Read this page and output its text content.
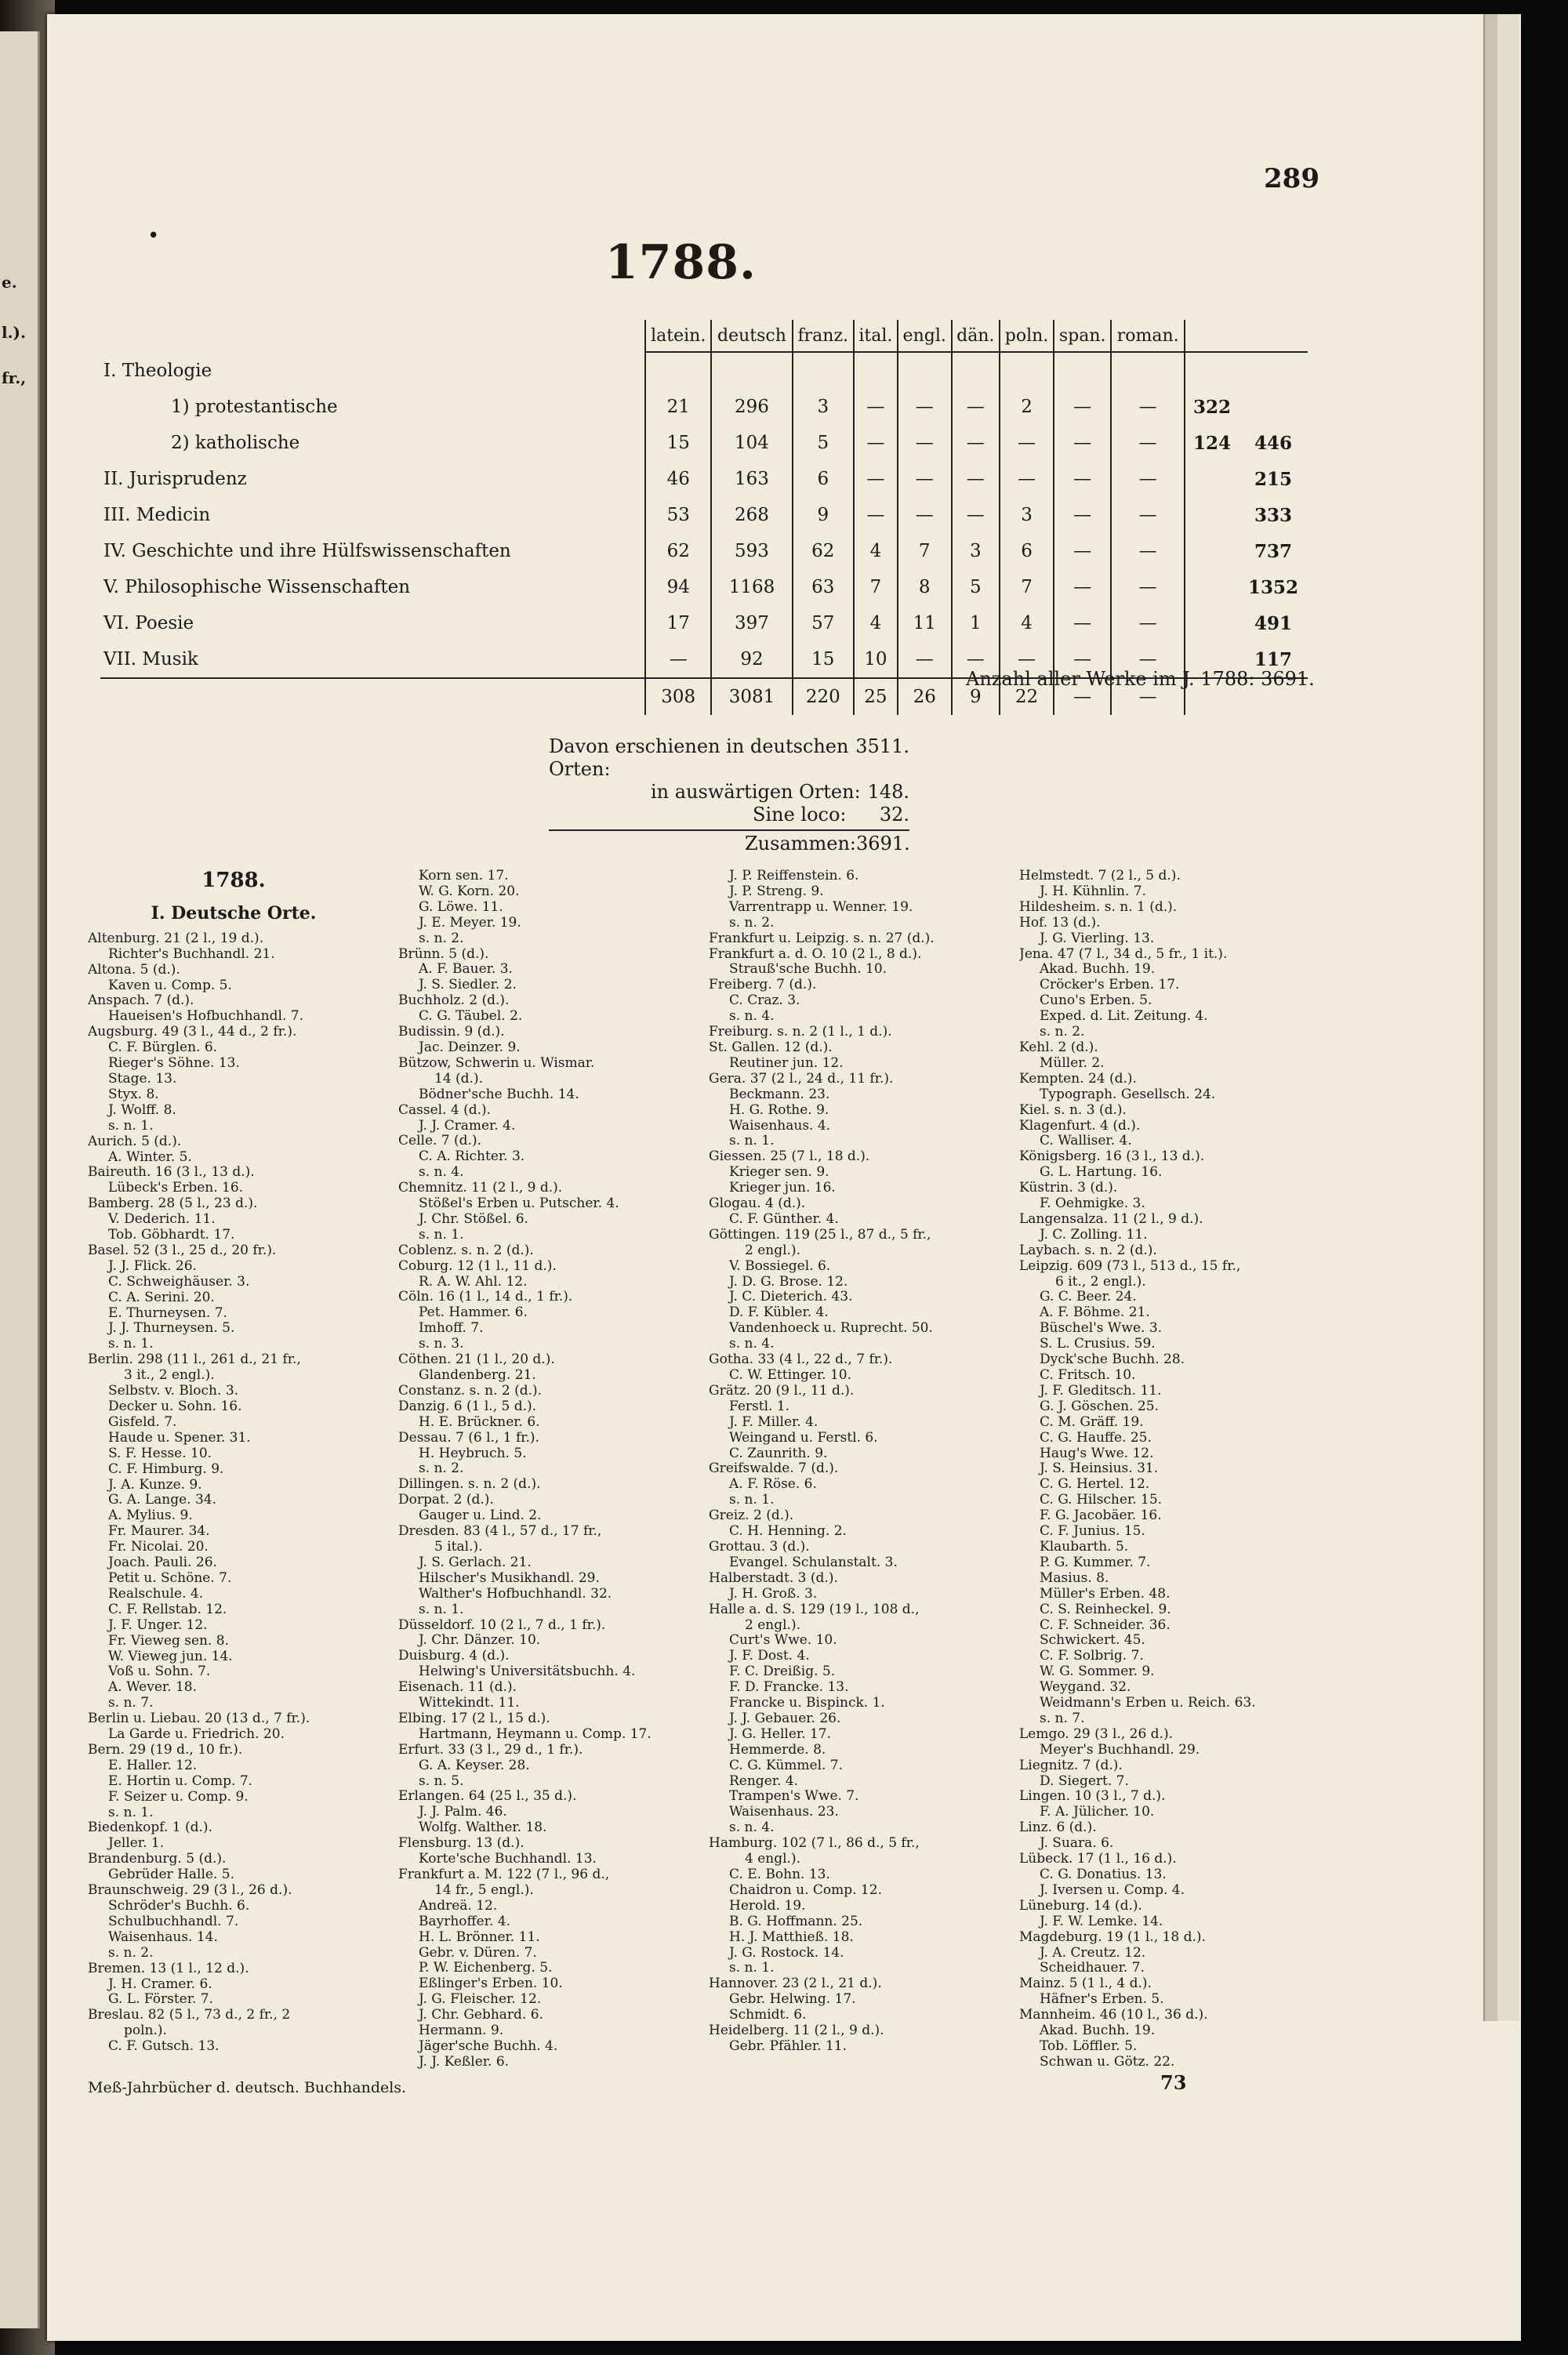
e.
l.).
fr.,
289
•	1788.
	latein.	deutsch	franz.	ital.	engl.	dän.	poln.	span.	roman.		
I. Theologie											
1) protestantische	21	296	3	—	—	—	2	—	—	322	
2) katholische	15	104	5	—	—	—	—	—	—	124	446
II. Jurisprudenz	46	163	6	—	—	—	—	—	—		215
III. Medicin	53	268	9	—	—	—	3	—	—		333
IV. Geschichte und ihre Hülfswissenschaften	62	593	62	4	7	3	6	—	—		737
V. Philosophische Wissenschaften	94	1168	63	7	8	5	7	—	—		1352
VI. Poesie	17	397	57	4	11	1	4	—	—		491
VII. Musik	—	92	15	10	—	—	—	—	—		117
	308	3081	220	25	26	9	22	—	—		
Anzahl aller Werke im J. 1788: 3691.
Davon erschienen in deutschen Orten:
3511.
in auswärtigen Orten: 148.
Sine loco: 32.
Zusammen: 3691.
1788.
I. Deutsche Orte.
Altenburg. 21 (2 l., 19 d.).
Richter's Buchhandl. 21.
Altona. 5 (d.).
Kaven u. Comp. 5.
Anspach. 7 (d.).
Haueisen's Hofbuchhandl. 7.
Augsburg. 49 (3 l., 44 d., 2 fr.).
C. F. Bürglen. 6.
Rieger's Söhne. 13.
Stage. 13.
Styx. 8.
J. Wolff. 8.
s. n. 1.
Aurich. 5 (d.).
A. Winter. 5.
Baireuth. 16 (3 l., 13 d.).
Lübeck's Erben. 16.
Bamberg. 28 (5 l., 23 d.).
V. Dederich. 11.
Tob. Göbhardt. 17.
Basel. 52 (3 l., 25 d., 20 fr.).
J. J. Flick. 26.
C. Schweighäuser. 3.
C. A. Serini. 20.
E. Thurneysen. 7.
J. J. Thurneysen. 5.
s. n. 1.
Berlin. 298 (11 l., 261 d., 21 fr.,
3 it., 2 engl.).
Selbstv. v. Bloch. 3.
Decker u. Sohn. 16.
Gisfeld. 7.
Haude u. Spener. 31.
S. F. Hesse. 10.
C. F. Himburg. 9.
J. A. Kunze. 9.
G. A. Lange. 34.
A. Mylius. 9.
Fr. Maurer. 34.
Fr. Nicolai. 20.
Joach. Pauli. 26.
Petit u. Schöne. 7.
Realschule. 4.
C. F. Rellstab. 12.
J. F. Unger. 12.
Fr. Vieweg sen. 8.
W. Vieweg jun. 14.
Voß u. Sohn. 7.
A. Wever. 18.
s. n. 7.
Berlin u. Liebau. 20 (13 d., 7 fr.).
La Garde u. Friedrich. 20.
Bern. 29 (19 d., 10 fr.).
E. Haller. 12.
E. Hortin u. Comp. 7.
F. Seizer u. Comp. 9.
s. n. 1.
Biedenkopf. 1 (d.).
Jeller. 1.
Brandenburg. 5 (d.).
Gebrüder Halle. 5.
Braunschweig. 29 (3 l., 26 d.).
Schröder's Buchh. 6.
Schulbuchhandl. 7.
Waisenhaus. 14.
s. n. 2.
Bremen. 13 (1 l., 12 d.).
J. H. Cramer. 6.
G. L. Förster. 7.
Breslau. 82 (5 l., 73 d., 2 fr., 2
poln.).
C. F. Gutsch. 13.
Korn sen. 17.
W. G. Korn. 20.
G. Löwe. 11.
J. E. Meyer. 19.
s. n. 2.
Brünn. 5 (d.).
A. F. Bauer. 3.
J. S. Siedler. 2.
Buchholz. 2 (d.).
C. G. Täubel. 2.
Budissin. 9 (d.).
Jac. Deinzer. 9.
Bützow, Schwerin u. Wismar.
14 (d.).
Bödner'sche Buchh. 14.
Cassel. 4 (d.).
J. J. Cramer. 4.
Celle. 7 (d.).
C. A. Richter. 3.
s. n. 4.
Chemnitz. 11 (2 l., 9 d.).
Stößel's Erben u. Putscher. 4.
J. Chr. Stößel. 6.
s. n. 1.
Coblenz. s. n. 2 (d.).
Coburg. 12 (1 l., 11 d.).
R. A. W. Ahl. 12.
Cöln. 16 (1 l., 14 d., 1 fr.).
Pet. Hammer. 6.
Imhoff. 7.
s. n. 3.
Cöthen. 21 (1 l., 20 d.).
Glandenberg. 21.
Constanz. s. n. 2 (d.).
Danzig. 6 (1 l., 5 d.).
H. E. Brückner. 6.
Dessau. 7 (6 l., 1 fr.).
H. Heybruch. 5.
s. n. 2.
Dillingen. s. n. 2 (d.).
Dorpat. 2 (d.).
Gauger u. Lind. 2.
Dresden. 83 (4 l., 57 d., 17 fr.,
5 ital.).
J. S. Gerlach. 21.
Hilscher's Musikhandl. 29.
Walther's Hofbuchhandl. 32.
s. n. 1.
Düsseldorf. 10 (2 l., 7 d., 1 fr.).
J. Chr. Dänzer. 10.
Duisburg. 4 (d.).
Helwing's Universitätsbuchh. 4.
Eisenach. 11 (d.).
Wittekindt. 11.
Elbing. 17 (2 l., 15 d.).
Hartmann, Heymann u. Comp. 17.
Erfurt. 33 (3 l., 29 d., 1 fr.).
G. A. Keyser. 28.
s. n. 5.
Erlangen. 64 (25 l., 35 d.).
J. J. Palm. 46.
Wolfg. Walther. 18.
Flensburg. 13 (d.).
Korte'sche Buchhandl. 13.
Frankfurt a. M. 122 (7 l., 96 d.,
14 fr., 5 engl.).
Andreä. 12.
Bayrhoffer. 4.
H. L. Brönner. 11.
Gebr. v. Düren. 7.
P. W. Eichenberg. 5.
Eßlinger's Erben. 10.
J. G. Fleischer. 12.
J. Chr. Gebhard. 6.
Hermann. 9.
Jäger'sche Buchh. 4.
J. J. Keßler. 6.
J. P. Reiffenstein. 6.
J. P. Streng. 9.
Varrentrapp u. Wenner. 19.
s. n. 2.
Frankfurt u. Leipzig. s. n. 27 (d.).
Frankfurt a. d. O. 10 (2 l., 8 d.).
Strauß'sche Buchh. 10.
Freiberg. 7 (d.).
C. Craz. 3.
s. n. 4.
Freiburg. s. n. 2 (1 l., 1 d.).
St. Gallen. 12 (d.).
Reutiner jun. 12.
Gera. 37 (2 l., 24 d., 11 fr.).
Beckmann. 23.
H. G. Rothe. 9.
Waisenhaus. 4.
s. n. 1.
Giessen. 25 (7 l., 18 d.).
Krieger sen. 9.
Krieger jun. 16.
Glogau. 4 (d.).
C. F. Günther. 4.
Göttingen. 119 (25 l., 87 d., 5 fr.,
2 engl.).
V. Bossiegel. 6.
J. D. G. Brose. 12.
J. C. Dieterich. 43.
D. F. Kübler. 4.
Vandenhoeck u. Ruprecht. 50.
s. n. 4.
Gotha. 33 (4 l., 22 d., 7 fr.).
C. W. Ettinger. 10.
Grätz. 20 (9 l., 11 d.).
Ferstl. 1.
J. F. Miller. 4.
Weingand u. Ferstl. 6.
C. Zaunrith. 9.
Greifswalde. 7 (d.).
A. F. Röse. 6.
s. n. 1.
Greiz. 2 (d.).
C. H. Henning. 2.
Grottau. 3 (d.).
Evangel. Schulanstalt. 3.
Halberstadt. 3 (d.).
J. H. Groß. 3.
Halle a. d. S. 129 (19 l., 108 d.,
2 engl.).
Curt's Wwe. 10.
J. F. Dost. 4.
F. C. Dreißig. 5.
F. D. Francke. 13.
Francke u. Bispinck. 1.
J. J. Gebauer. 26.
J. G. Heller. 17.
Hemmerde. 8.
C. G. Kümmel. 7.
Renger. 4.
Trampen's Wwe. 7.
Waisenhaus. 23.
s. n. 4.
Hamburg. 102 (7 l., 86 d., 5 fr.,
4 engl.).
C. E. Bohn. 13.
Chaidron u. Comp. 12.
Herold. 19.
B. G. Hoffmann. 25.
H. J. Matthieß. 18.
J. G. Rostock. 14.
s. n. 1.
Hannover. 23 (2 l., 21 d.).
Gebr. Helwing. 17.
Schmidt. 6.
Heidelberg. 11 (2 l., 9 d.).
Gebr. Pfähler. 11.
Helmstedt. 7 (2 l., 5 d.).
J. H. Kühnlin. 7.
Hildesheim. s. n. 1 (d.).
Hof. 13 (d.).
J. G. Vierling. 13.
Jena. 47 (7 l., 34 d., 5 fr., 1 it.).
Akad. Buchh. 19.
Cröcker's Erben. 17.
Cuno's Erben. 5.
Exped. d. Lit. Zeitung. 4.
s. n. 2.
Kehl. 2 (d.).
Müller. 2.
Kempten. 24 (d.).
Typograph. Gesellsch. 24.
Kiel. s. n. 3 (d.).
Klagenfurt. 4 (d.).
C. Walliser. 4.
Königsberg. 16 (3 l., 13 d.).
G. L. Hartung. 16.
Küstrin. 3 (d.).
F. Oehmigke. 3.
Langensalza. 11 (2 l., 9 d.).
J. C. Zolling. 11.
Laybach. s. n. 2 (d.).
Leipzig. 609 (73 l., 513 d., 15 fr.,
6 it., 2 engl.).
G. C. Beer. 24.
A. F. Böhme. 21.
Büschel's Wwe. 3.
S. L. Crusius. 59.
Dyck'sche Buchh. 28.
C. Fritsch. 10.
J. F. Gleditsch. 11.
G. J. Göschen. 25.
C. M. Gräff. 19.
C. G. Hauffe. 25.
Haug's Wwe. 12.
J. S. Heinsius. 31.
C. G. Hertel. 12.
C. G. Hilscher. 15.
F. G. Jacobäer. 16.
C. F. Junius. 15.
Klaubarth. 5.
P. G. Kummer. 7.
Masius. 8.
Müller's Erben. 48.
C. S. Reinheckel. 9.
C. F. Schneider. 36.
Schwickert. 45.
C. F. Solbrig. 7.
W. G. Sommer. 9.
Weygand. 32.
Weidmann's Erben u. Reich. 63.
s. n. 7.
Lemgo. 29 (3 l., 26 d.).
Meyer's Buchhandl. 29.
Liegnitz. 7 (d.).
D. Siegert. 7.
Lingen. 10 (3 l., 7 d.).
F. A. Jülicher. 10.
Linz. 6 (d.).
J. Suara. 6.
Lübeck. 17 (1 l., 16 d.).
C. G. Donatius. 13.
J. Iversen u. Comp. 4.
Lüneburg. 14 (d.).
J. F. W. Lemke. 14.
Magdeburg. 19 (1 l., 18 d.).
J. A. Creutz. 12.
Scheidhauer. 7.
Mainz. 5 (1 l., 4 d.).
Häfner's Erben. 5.
Mannheim. 46 (10 l., 36 d.).
Akad. Buchh. 19.
Tob. Löffler. 5.
Schwan u. Götz. 22.
73
Meß-Jahrbücher d. deutsch. Buchhandels.
